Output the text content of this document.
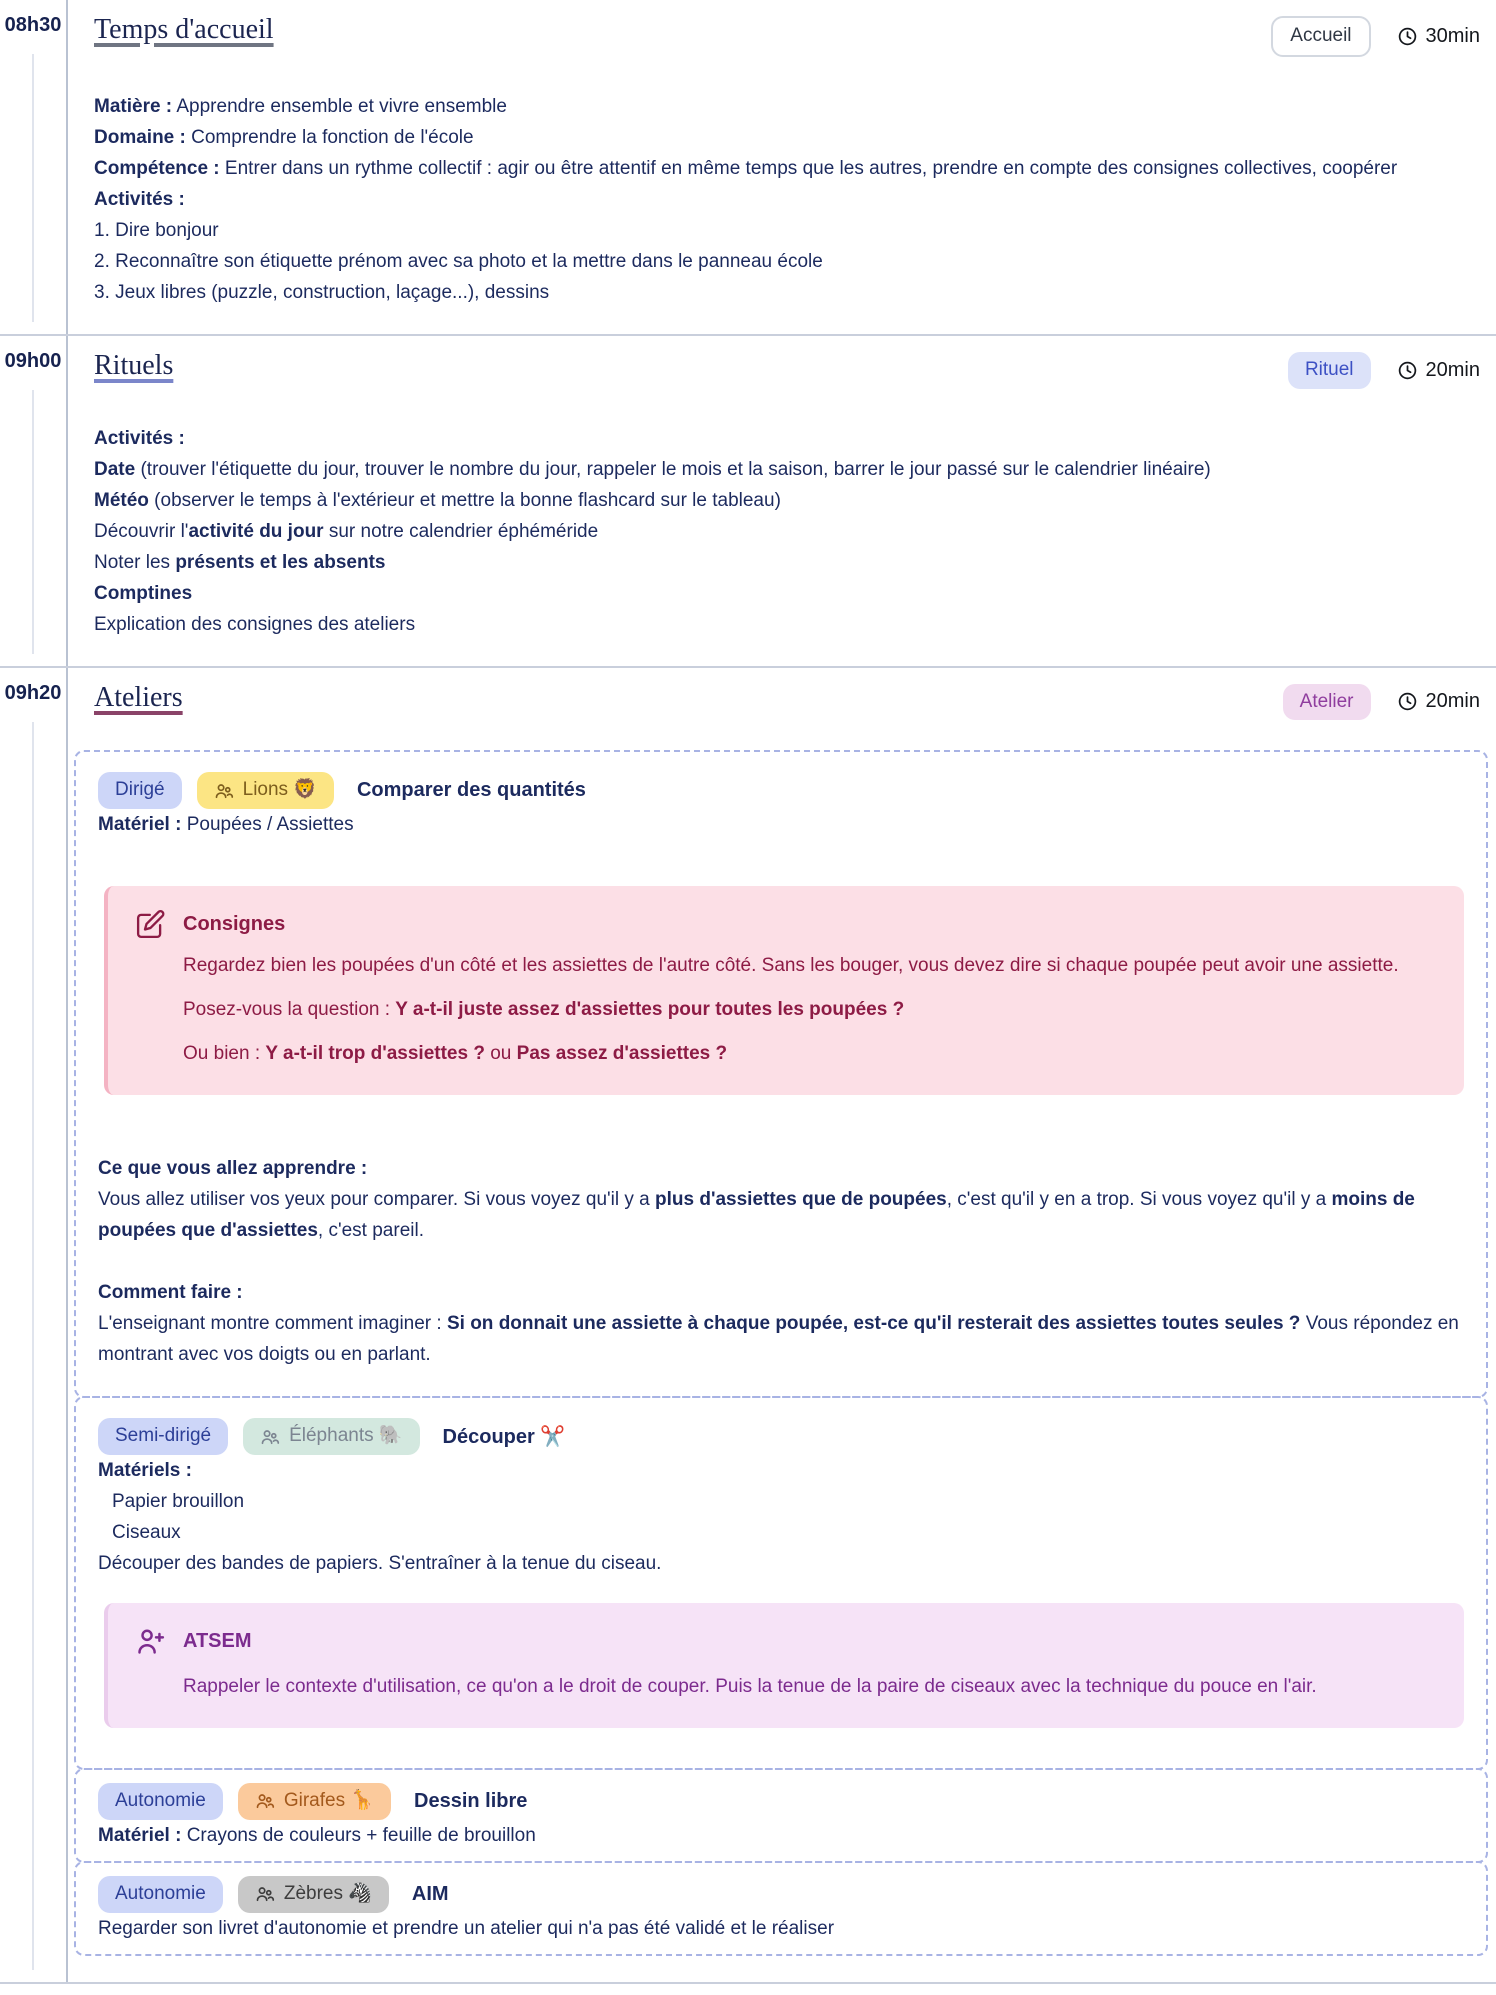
08h30 Temps d'accueil	Accueil	30min

Matière : Apprendre ensemble et vivre ensemble

Domaine : Comprendre la fonction de l'école

Compétence : Entrer dans un rythme collectif : agir ou être attentif en même temps que les autres, prendre en compte des consignes collectives, coopérer

Activités :

1. Dire bonjour

2. Reconnaître son étiquette prénom avec sa photo et la mettre dans le panneau école

3. Jeux libres (puzzle, construction, laçage...), dessins

09h00 Rituels	Rituel	20min

Activités :

Date (trouver l'étiquette du jour, trouver le nombre du jour, rappeler le mois et la saison, barrer le jour passé sur le calendrier linéaire)

Météo (observer le temps à l'extérieur et mettre la bonne flashcard sur le tableau)

Découvrir l'activité du jour sur notre calendrier éphéméride

Noter les présents et les absents

Comptines

Explication des consignes des ateliers

09h20 Ateliers	Atelier	20min
Dirigé	Lions 🦁 Comparer des quantités

Matériel : Poupées / Assiettes

Consignes

Regardez bien les poupées d'un côté et les assiettes de l'autre côté. Sans les bouger, vous devez dire si chaque poupée peut avoir une assiette.

Posez-vous la question : Y a-t-il juste assez d'assiettes pour toutes les poupées ?

Ou bien : Y a-t-il trop d'assiettes ? ou Pas assez d'assiettes ?

Ce que vous allez apprendre :

Vous allez utiliser vos yeux pour comparer. Si vous voyez qu'il y a plus d'assiettes que de poupées, c'est qu'il y en a trop. Si vous voyez qu'il y a moins de poupées que d'assiettes, c'est pareil.

Comment faire :

L'enseignant montre comment imaginer : Si on donnait une assiette à chaque poupée, est-ce qu'il resterait des assiettes toutes seules ? Vous répondez en montrant avec vos doigts ou en parlant.

Semi-dirigé	Éléphants 🐘 Découper ✂️

Matériels :

Papier brouillon

Ciseaux

Découper des bandes de papiers. S'entraîner à la tenue du ciseau.

ATSEM

Rappeler le contexte d'utilisation, ce qu'on a le droit de couper. Puis la tenue de la paire de ciseaux avec la technique du pouce en l'air.

Autonomie	Girafes 🦒 Dessin libre

Matériel : Crayons de couleurs + feuille de brouillon

Autonomie	Zèbres 🦓 AIM

Regarder son livret d'autonomie et prendre un atelier qui n'a pas été validé et le réaliser
